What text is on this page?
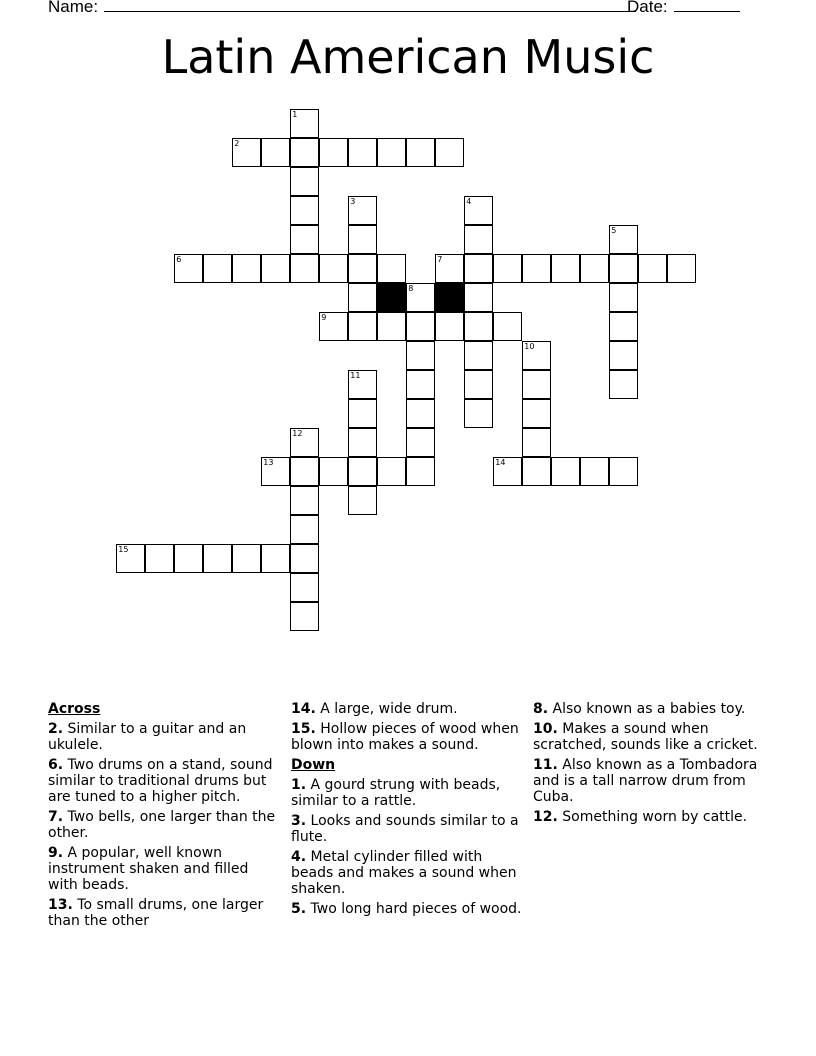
Name:	Date:
Latin American Music
1
2
3	4
5
6	7
8
9
10
11
12
13	14
15
Across
2. Similar to a guitar and an ukulele.
6. Two drums on a stand, sound similar to traditional drums but are tuned to a higher pitch.
7. Two bells, one larger than the other.
9. A popular, well known instrument shaken and filled with beads.
13. To small drums, one larger than the other
14. A large, wide drum.
15. Hollow pieces of wood when blown into makes a sound.
Down
1. A gourd strung with beads, similar to a rattle.
3. Looks and sounds similar to a flute.
4. Metal cylinder filled with beads and makes a sound when shaken.
5. Two long hard pieces of wood.
8. Also known as a babies toy.
10. Makes a sound when scratched, sounds like a cricket.
11. Also known as a Tombadora and is a tall narrow drum from Cuba.
12. Something worn by cattle.
